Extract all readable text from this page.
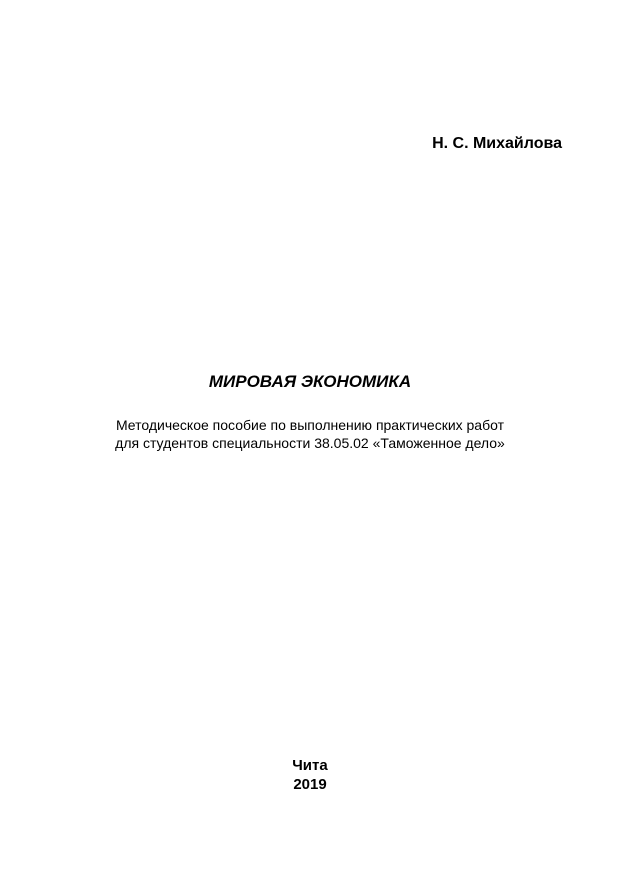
Н. С. Михайлова
МИРОВАЯ ЭКОНОМИКА
Методическое пособие по выполнению практических работ
для студентов специальности 38.05.02 «Таможенное дело»
Чита
2019
